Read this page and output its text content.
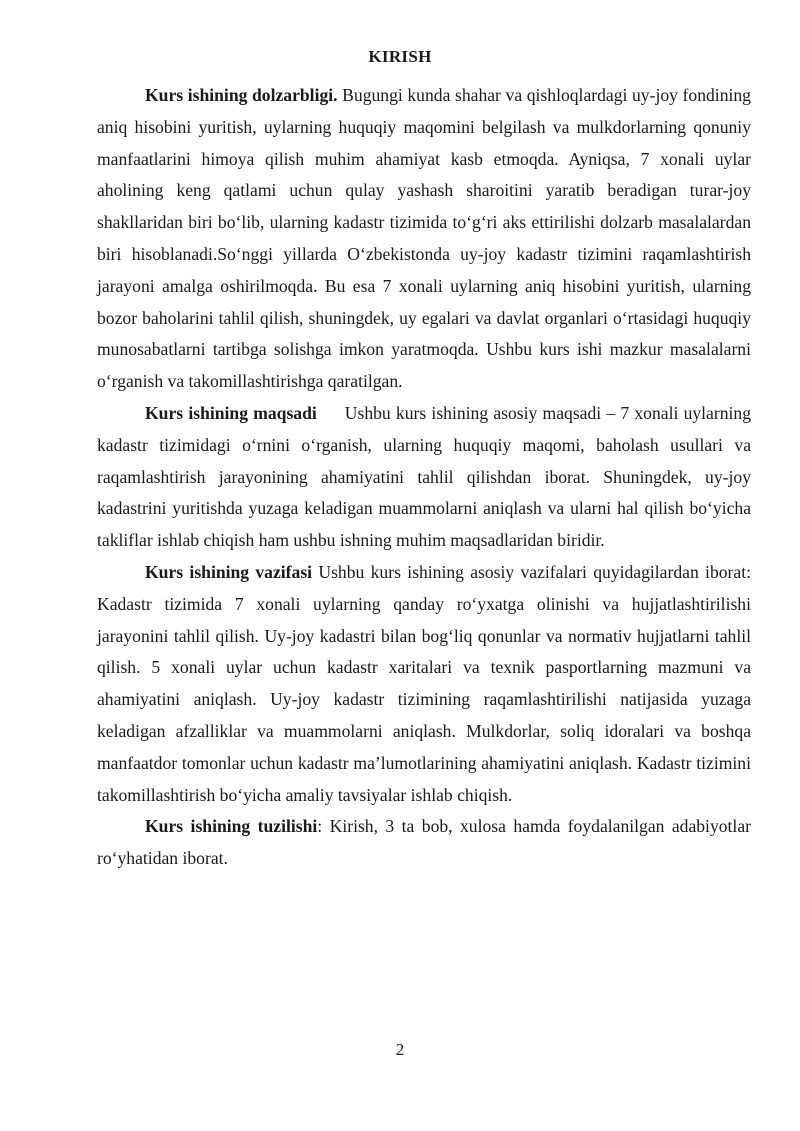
KIRISH

Kurs ishining dolzarbligi. Bugungi kunda shahar va qishloqlardagi uy-joy fondining aniq hisobini yuritish, uylarning huquqiy maqomini belgilash va mulkdorlarning qonuniy manfaatlarini himoya qilish muhim ahamiyat kasb etmoqda. Ayniqsa, 7 xonali uylar aholining keng qatlami uchun qulay yashash sharoitini yaratib beradigan turar-joy shakllaridan biri bo‘lib, ularning kadastr tizimida to‘g‘ri aks ettirilishi dolzarb masalalardan biri hisoblanadi.So‘nggi yillarda O‘zbekistonda uy-joy kadastr tizimini raqamlashtirish jarayoni amalga oshirilmoqda. Bu esa 7 xonali uylarning aniq hisobini yuritish, ularning bozor baholarini tahlil qilish, shuningdek, uy egalari va davlat organlari o‘rtasidagi huquqiy munosabatlarni tartibga solishga imkon yaratmoqda. Ushbu kurs ishi mazkur masalalarni o‘rganish va takomillashtirishga qaratilgan.

Kurs ishining maqsadi Ushbu kurs ishining asosiy maqsadi – 7 xonali uylarning kadastr tizimidagi o‘rnini o‘rganish, ularning huquqiy maqomi, baholash usullari va raqamlashtirish jarayonining ahamiyatini tahlil qilishdan iborat. Shuningdek, uy-joy kadastrini yuritishda yuzaga keladigan muammolarni aniqlash va ularni hal qilish bo‘yicha takliflar ishlab chiqish ham ushbu ishning muhim maqsadlaridan biridir.

Kurs ishining vazifasi Ushbu kurs ishining asosiy vazifalari quyidagilardan iborat: Kadastr tizimida 7 xonali uylarning qanday ro‘yxatga olinishi va hujjatlashtirilishi jarayonini tahlil qilish. Uy-joy kadastri bilan bog‘liq qonunlar va normativ hujjatlarni tahlil qilish. 5 xonali uylar uchun kadastr xaritalari va texnik pasportlarning mazmuni va ahamiyatini aniqlash. Uy-joy kadastr tizimining raqamlashtirilishi natijasida yuzaga keladigan afzalliklar va muammolarni aniqlash. Mulkdorlar, soliq idoralari va boshqa manfaatdor tomonlar uchun kadastr ma’lumotlarining ahamiyatini aniqlash. Kadastr tizimini takomillashtirish bo‘yicha amaliy tavsiyalar ishlab chiqish.

Kurs ishining tuzilishi: Kirish, 3 ta bob, xulosa hamda foydalanilgan adabiyotlar ro‘yhatidan iborat.

2
